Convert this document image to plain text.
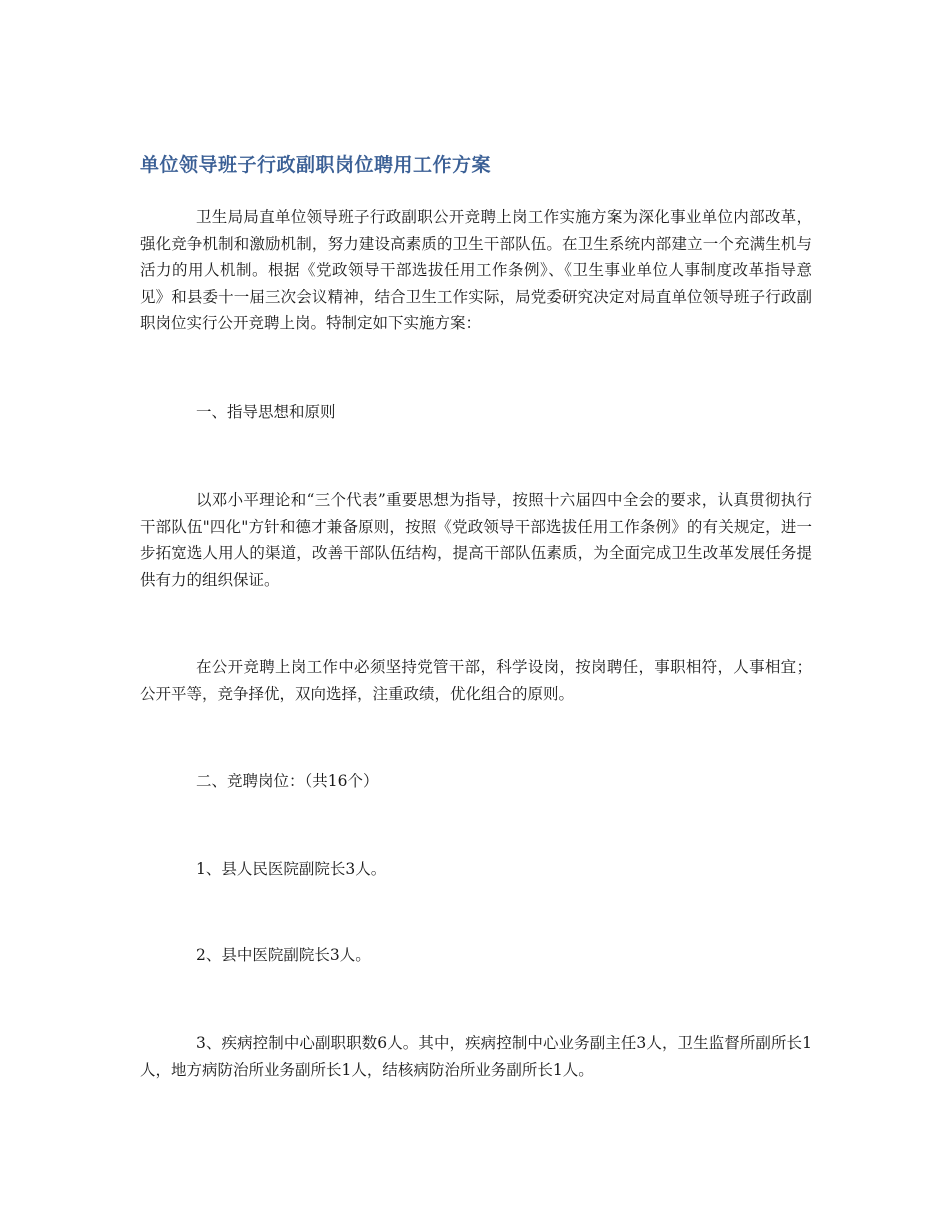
单位领导班子行政副职岗位聘用工作方案
卫生局局直单位领导班子行政副职公开竞聘上岗工作实施方案为深化事业单位内部改革，强化竞争机制和激励机制，努力建设高素质的卫生干部队伍。在卫生系统内部建立一个充满生机与活力的用人机制。根据《党政领导干部选拔任用工作条例》、《卫生事业单位人事制度改革指导意见》和县委十一届三次会议精神，结合卫生工作实际，局党委研究决定对局直单位领导班子行政副职岗位实行公开竞聘上岗。特制定如下实施方案：
一、指导思想和原则
以邓小平理论和“三个代表”重要思想为指导，按照十六届四中全会的要求，认真贯彻执行干部队伍"四化"方针和德才兼备原则，按照《党政领导干部选拔任用工作条例》的有关规定，进一步拓宽选人用人的渠道，改善干部队伍结构，提高干部队伍素质，为全面完成卫生改革发展任务提供有力的组织保证。
在公开竞聘上岗工作中必须坚持党管干部，科学设岗，按岗聘任，事职相符，人事相宜；公开平等，竞争择优，双向选择，注重政绩，优化组合的原则。
二、竞聘岗位：（共16个）
1、县人民医院副院长3人。
2、县中医院副院长3人。
3、疾病控制中心副职职数6人。其中，疾病控制中心业务副主任3人，卫生监督所副所长1人，地方病防治所业务副所长1人，结核病防治所业务副所长1人。
